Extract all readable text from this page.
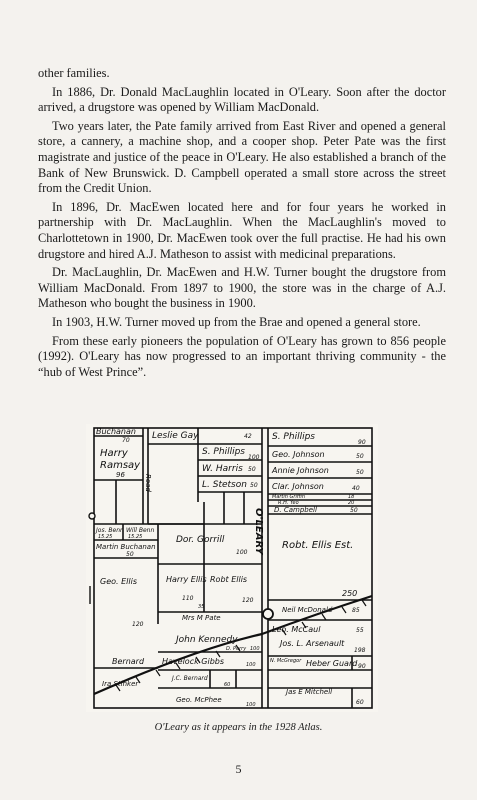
other families.

In 1886, Dr. Donald MacLaughlin located in O'Leary. Soon after the doctor arrived, a drugstore was opened by William MacDonald.

Two years later, the Pate family arrived from East River and opened a general store, a cannery, a machine shop, and a cooper shop. Peter Pate was the first magistrate and justice of the peace in O'Leary. He also established a branch of the Bank of New Brunswick. D. Campbell operated a small store across the street from the Credit Union.

In 1896, Dr. MacEwen located here and for four years he worked in partnership with Dr. MacLaughlin. When the MacLaughlin's moved to Charlottetown in 1900, Dr. MacEwen took over the full practise. He had his own drugstore and hired A.J. Matheson to assist with medicinal preparations.

Dr. MacLaughlin, Dr. MacEwen and H.W. Turner bought the drugstore from William MacDonald. From 1897 to 1900, the store was in the charge of A.J. Matheson who bought the business in 1900.

In 1903, H.W. Turner moved up from the Brae and opened a general store.

From these early pioneers the population of O'Leary has grown to 856 people (1992). O'Leary has now progressed to an important thriving community - the “hub of West Prince”.

Buchanan
70
Harry
Ramsay
96
Leslie Gay	42
S. Phillips
100
W. Harris 50
L. Stetson 50
Road
S. Phillips
90
Geo. Johnson	50
Annie Johnson	50
Clar. Johnson	40
Martin Griffin	18
R.H. Yeo	20
D. Campbell	50
O'LEARY
Jos. Benn
15.25
Will Benn
15.25
Martin Buchanan
50
Dor. Gorrill
100
Robt. Ellis Est.
250
Geo. Ellis	Harry Ellis
110
Robt Ellis
120
Mrs M Pate
35
120
Neil McDonald	85
Leo. McCaul	55
Jos. L. Arsenault
198
N. McGregor Heber Guard 90
John Kennedy
D. Perry 100
Havelock Gibbs	100
J.C. Bernard
60
Bernard
Ira Stinker
Geo. McPhee
100
Jas E Mitchell
60
O'Leary as it appears in the 1928 Atlas.
5
